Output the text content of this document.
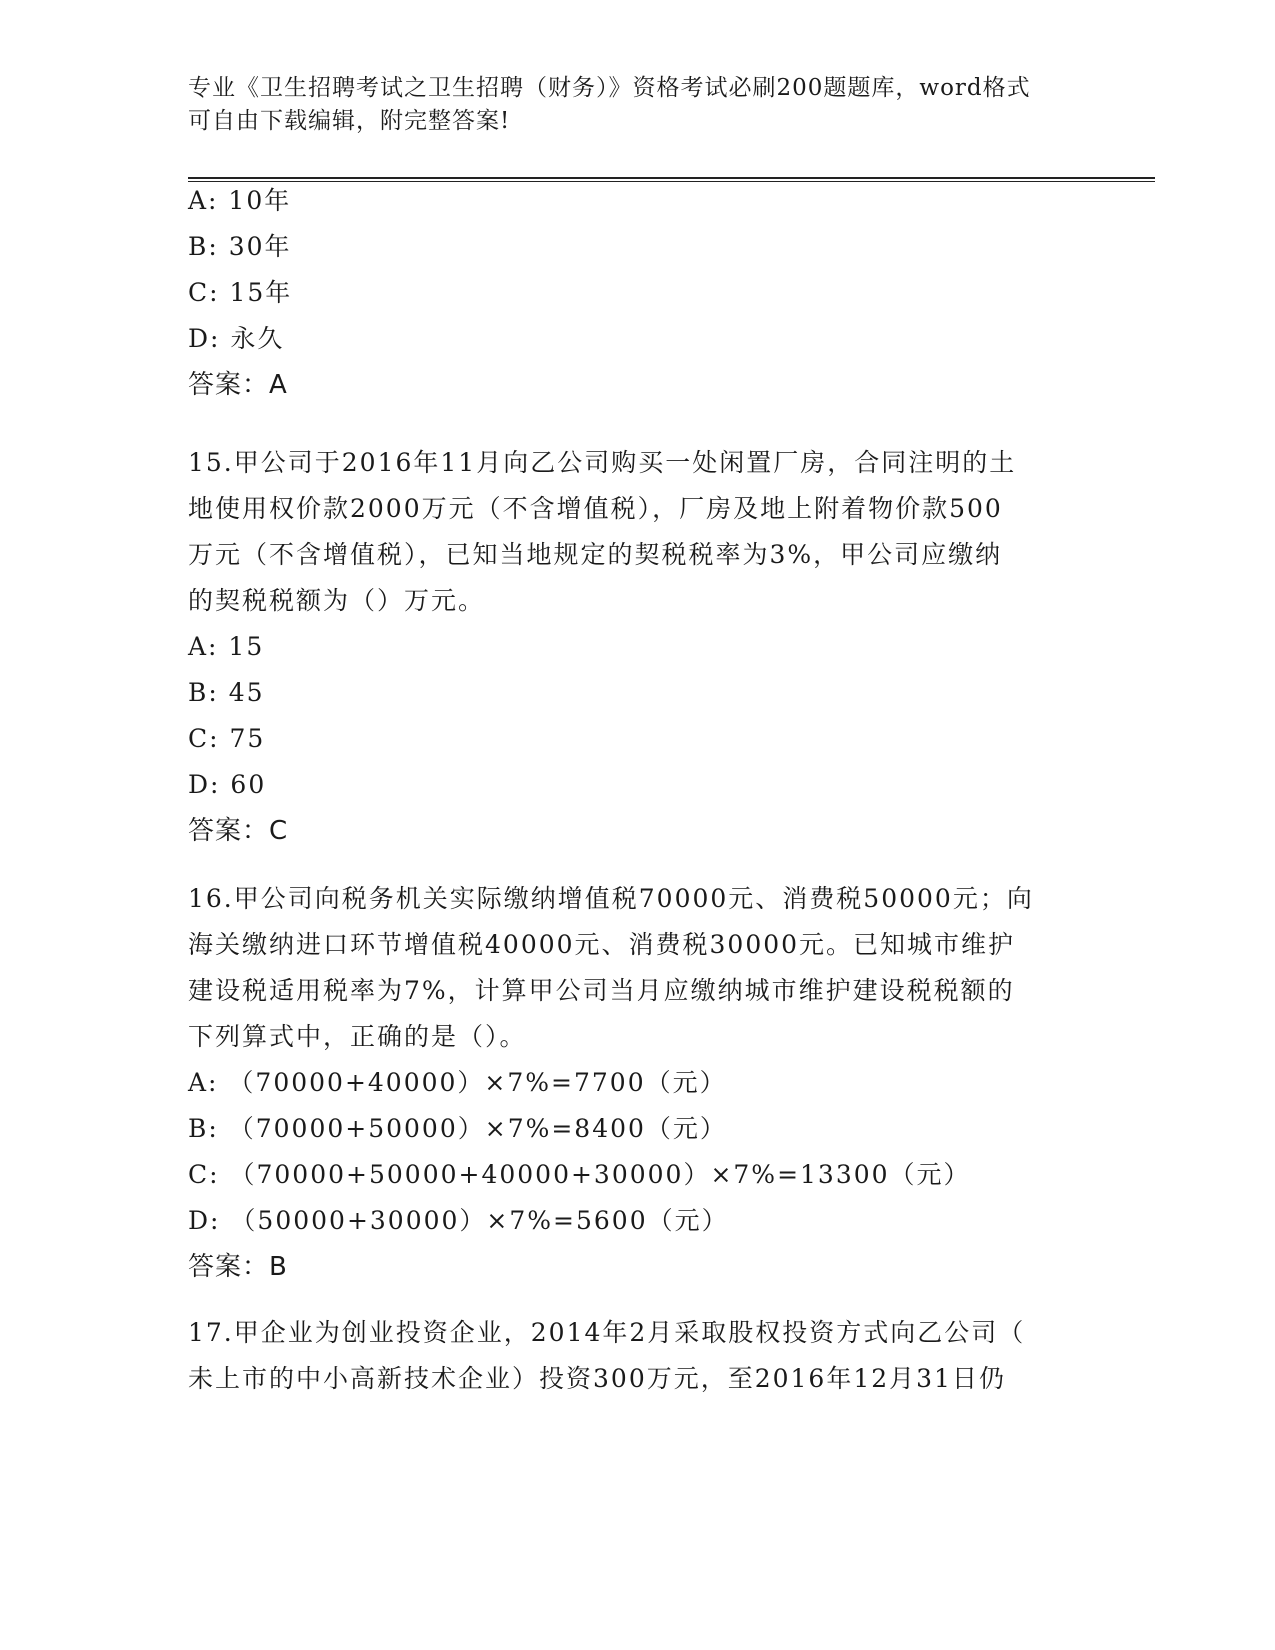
专业《卫生招聘考试之卫生招聘（财务）》资格考试必刷200题题库，word格式
可自由下载编辑，附完整答案!
A: 10年
B: 30年
C: 15年
D: 永久
答案：A
15.甲公司于2016年11月向乙公司购买一处闲置厂房，合同注明的土
地使用权价款2000万元（不含增值税），厂房及地上附着物价款500
万元（不含增值税），已知当地规定的契税税率为3%，甲公司应缴纳
的契税税额为（）万元。
A: 15
B: 45
C: 75
D: 60
答案：C
16.甲公司向税务机关实际缴纳增值税70000元、消费税50000元；向
海关缴纳进口环节增值税40000元、消费税30000元。已知城市维护
建设税适用税率为7%，计算甲公司当月应缴纳城市维护建设税税额的
下列算式中，正确的是（）。
A: （70000+40000）×7%=7700（元）
B: （70000+50000）×7%=8400（元）
C: （70000+50000+40000+30000）×7%=13300（元）
D: （50000+30000）×7%=5600（元）
答案：B
17.甲企业为创业投资企业，2014年2月采取股权投资方式向乙公司（
未上市的中小高新技术企业）投资300万元，至2016年12月31日仍
